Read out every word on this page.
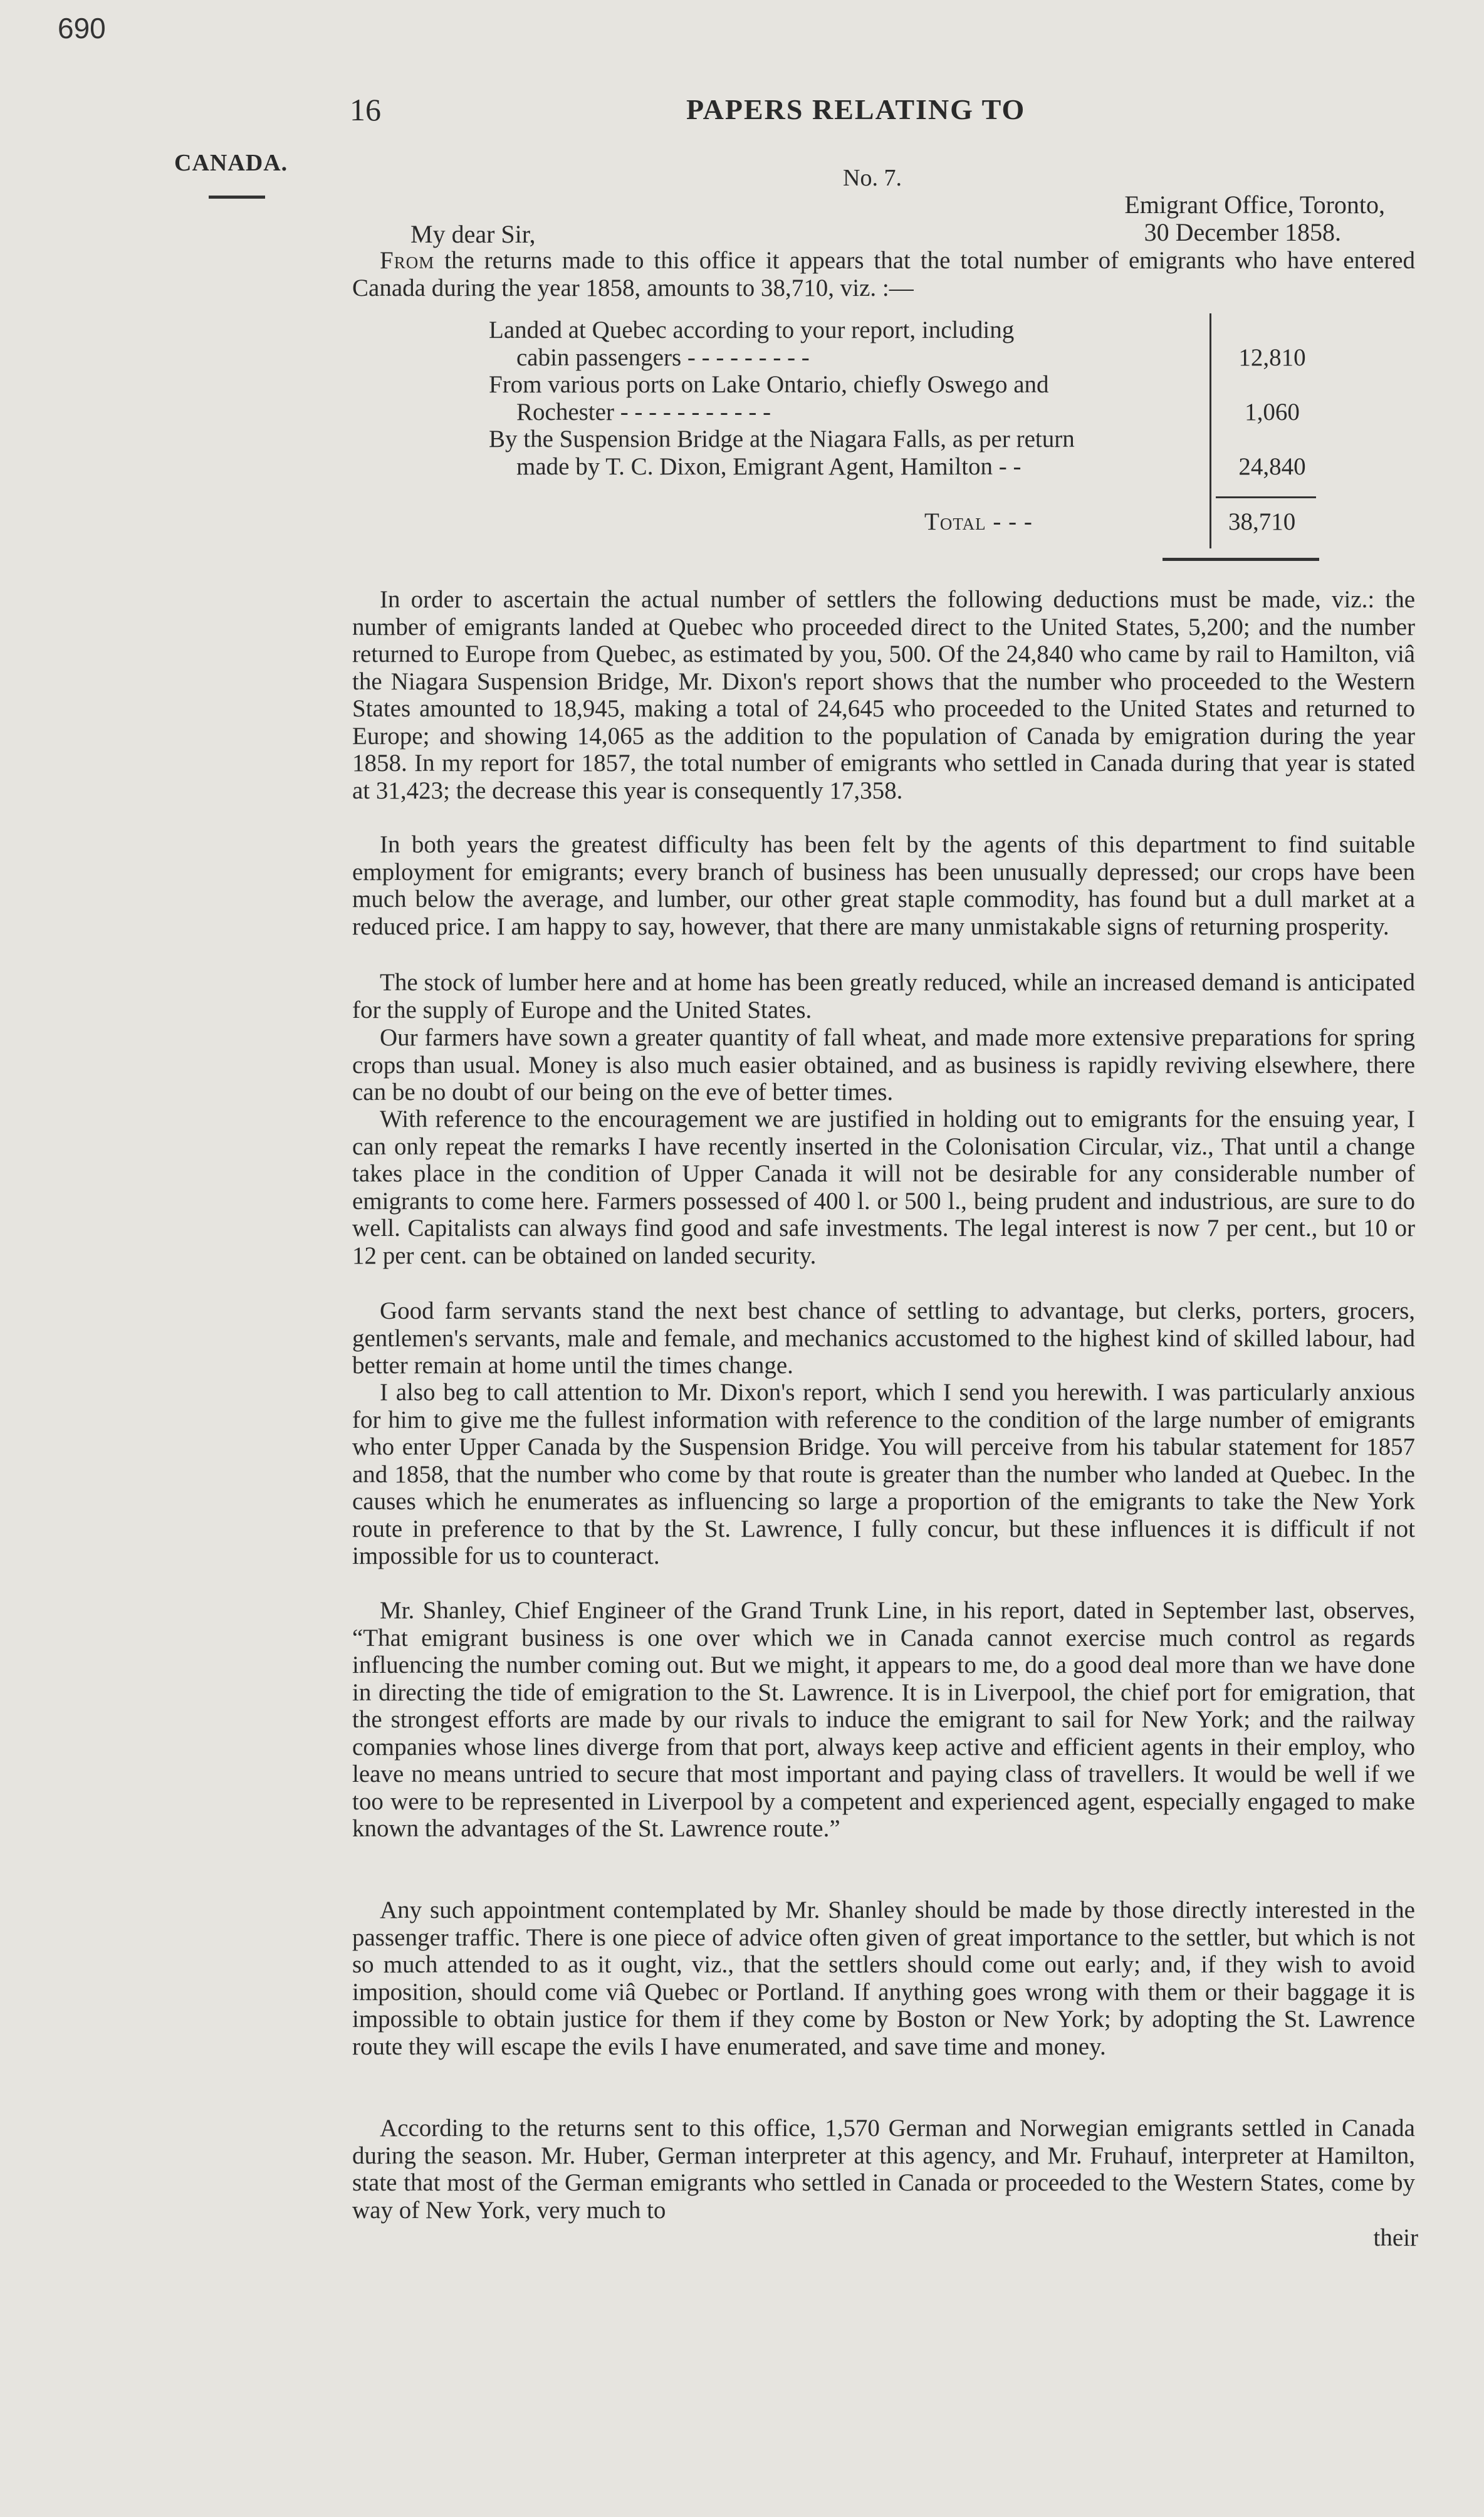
690
16	PAPERS RELATING TO
CANADA.
No. 7.
Emigrant Office, Toronto,
30 December 1858.
My dear Sir,

From the returns made to this office it appears that the total number of emigrants who have entered Canada during the year 1858, amounts to 38,710, viz. :—

Landed at Quebec according to your report, including
cabin passengers - - - - - - - - -	12,810
From various ports on Lake Ontario, chiefly Oswego and
Rochester - - - - - - - - - - -	1,060
By the Suspension Bridge at the Niagara Falls, as per return
made by T. C. Dixon, Emigrant Agent, Hamilton - -	24,840
Total - - -	38,710

In order to ascertain the actual number of settlers the following deductions must be made, viz.: the number of emigrants landed at Quebec who proceeded direct to the United States, 5,200; and the number returned to Europe from Quebec, as estimated by you, 500. Of the 24,840 who came by rail to Hamilton, viâ the Niagara Suspension Bridge, Mr. Dixon's report shows that the number who proceeded to the Western States amounted to 18,945, making a total of 24,645 who proceeded to the United States and returned to Europe; and showing 14,065 as the addition to the population of Canada by emigration during the year 1858. In my report for 1857, the total number of emigrants who settled in Canada during that year is stated at 31,423; the decrease this year is consequently 17,358.

In both years the greatest difficulty has been felt by the agents of this department to find suitable employment for emigrants; every branch of business has been unusually depressed; our crops have been much below the average, and lumber, our other great staple commodity, has found but a dull market at a reduced price. I am happy to say, however, that there are many unmistakable signs of returning prosperity.

The stock of lumber here and at home has been greatly reduced, while an increased demand is anticipated for the supply of Europe and the United States.

Our farmers have sown a greater quantity of fall wheat, and made more extensive preparations for spring crops than usual. Money is also much easier obtained, and as business is rapidly reviving elsewhere, there can be no doubt of our being on the eve of better times.

With reference to the encouragement we are justified in holding out to emigrants for the ensuing year, I can only repeat the remarks I have recently inserted in the Colonisation Circular, viz., That until a change takes place in the condition of Upper Canada it will not be desirable for any considerable number of emigrants to come here. Farmers possessed of 400 l. or 500 l., being prudent and industrious, are sure to do well. Capitalists can always find good and safe investments. The legal interest is now 7 per cent., but 10 or 12 per cent. can be obtained on landed security.

Good farm servants stand the next best chance of settling to advantage, but clerks, porters, grocers, gentlemen's servants, male and female, and mechanics accustomed to the highest kind of skilled labour, had better remain at home until the times change.

I also beg to call attention to Mr. Dixon's report, which I send you herewith. I was particularly anxious for him to give me the fullest information with reference to the condition of the large number of emigrants who enter Upper Canada by the Suspension Bridge. You will perceive from his tabular statement for 1857 and 1858, that the number who come by that route is greater than the number who landed at Quebec. In the causes which he enumerates as influencing so large a proportion of the emigrants to take the New York route in preference to that by the St. Lawrence, I fully concur, but these influences it is difficult if not impossible for us to counteract.

Mr. Shanley, Chief Engineer of the Grand Trunk Line, in his report, dated in September last, observes, “That emigrant business is one over which we in Canada cannot exercise much control as regards influencing the number coming out. But we might, it appears to me, do a good deal more than we have done in directing the tide of emigration to the St. Lawrence. It is in Liverpool, the chief port for emigration, that the strongest efforts are made by our rivals to induce the emigrant to sail for New York; and the railway companies whose lines diverge from that port, always keep active and efficient agents in their employ, who leave no means untried to secure that most important and paying class of travellers. It would be well if we too were to be represented in Liverpool by a competent and experienced agent, especially engaged to make known the advantages of the St. Lawrence route.”

Any such appointment contemplated by Mr. Shanley should be made by those directly interested in the passenger traffic. There is one piece of advice often given of great importance to the settler, but which is not so much attended to as it ought, viz., that the settlers should come out early; and, if they wish to avoid imposition, should come viâ Quebec or Portland. If anything goes wrong with them or their baggage it is impossible to obtain justice for them if they come by Boston or New York; by adopting the St. Lawrence route they will escape the evils I have enumerated, and save time and money.

According to the returns sent to this office, 1,570 German and Norwegian emigrants settled in Canada during the season. Mr. Huber, German interpreter at this agency, and Mr. Fruhauf, interpreter at Hamilton, state that most of the German emigrants who settled in Canada or proceeded to the Western States, come by way of New York, very much to

their
